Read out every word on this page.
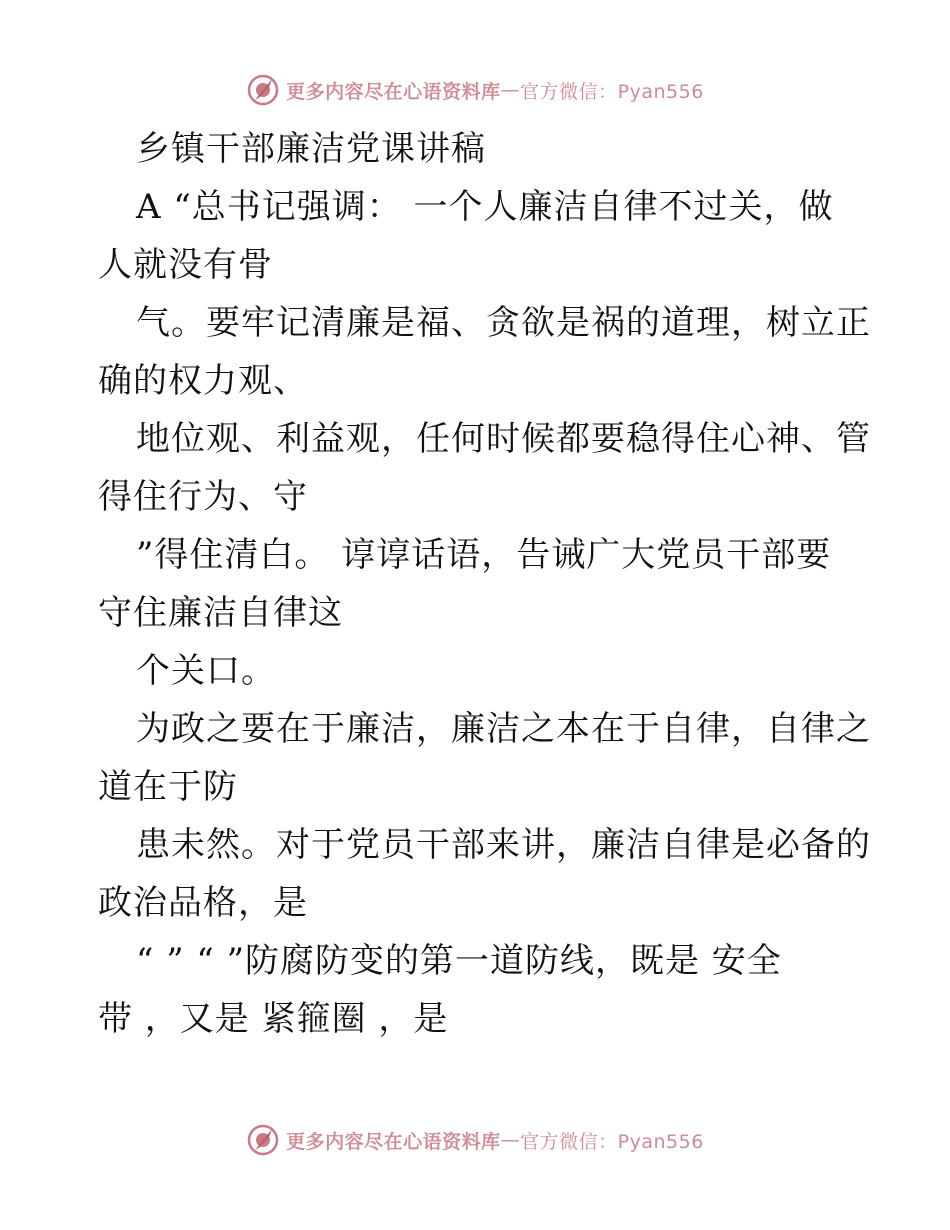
更多内容尽在心语资料库 — 官方微信：Pyan556
乡镇干部廉洁党课讲稿
A “总书记强调： 一个人廉洁自律不过关，做
人就没有骨
气。要牢记清廉是福、贪欲是祸的道理，树立正
确的权力观、
地位观、利益观，任何时候都要稳得住心神、管
得住行为、守
”得住清白。 谆谆话语，告诫广大党员干部要
守住廉洁自律这
个关口。
为政之要在于廉洁，廉洁之本在于自律，自律之
道在于防
患未然。对于党员干部来讲，廉洁自律是必备的
政治品格，是
“ ” “ ”防腐防变的第一道防线，既是 安全
带 ，又是 紧箍圈 ，是
更多内容尽在心语资料库 — 官方微信：Pyan556
